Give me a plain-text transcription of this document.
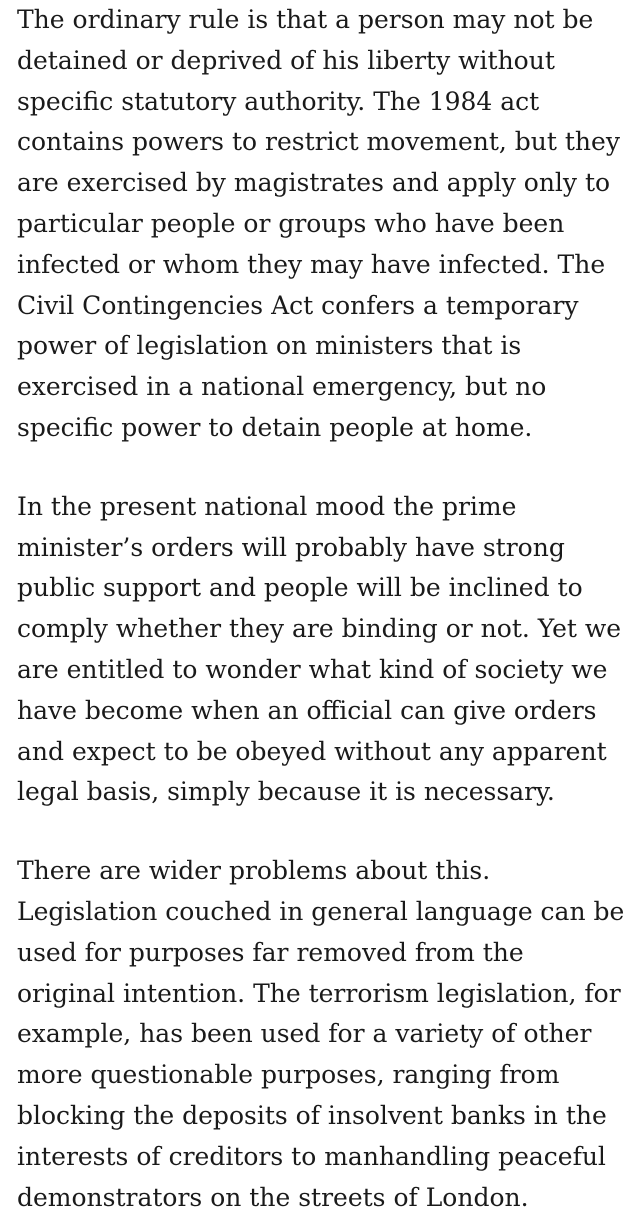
The ordinary rule is that a person may not be
detained or deprived of his liberty without
specific statutory authority. The 1984 act
contains powers to restrict movement, but they
are exercised by magistrates and apply only to
particular people or groups who have been
infected or whom they may have infected. The
Civil Contingencies Act confers a temporary
power of legislation on ministers that is
exercised in a national emergency, but no
specific power to detain people at home.

In the present national mood the prime
minister’s orders will probably have strong
public support and people will be inclined to
comply whether they are binding or not. Yet we
are entitled to wonder what kind of society we
have become when an official can give orders
and expect to be obeyed without any apparent
legal basis, simply because it is necessary.

There are wider problems about this.
Legislation couched in general language can be
used for purposes far removed from the
original intention. The terrorism legislation, for
example, has been used for a variety of other
more questionable purposes, ranging from
blocking the deposits of insolvent banks in the
interests of creditors to manhandling peaceful
demonstrators on the streets of London.
